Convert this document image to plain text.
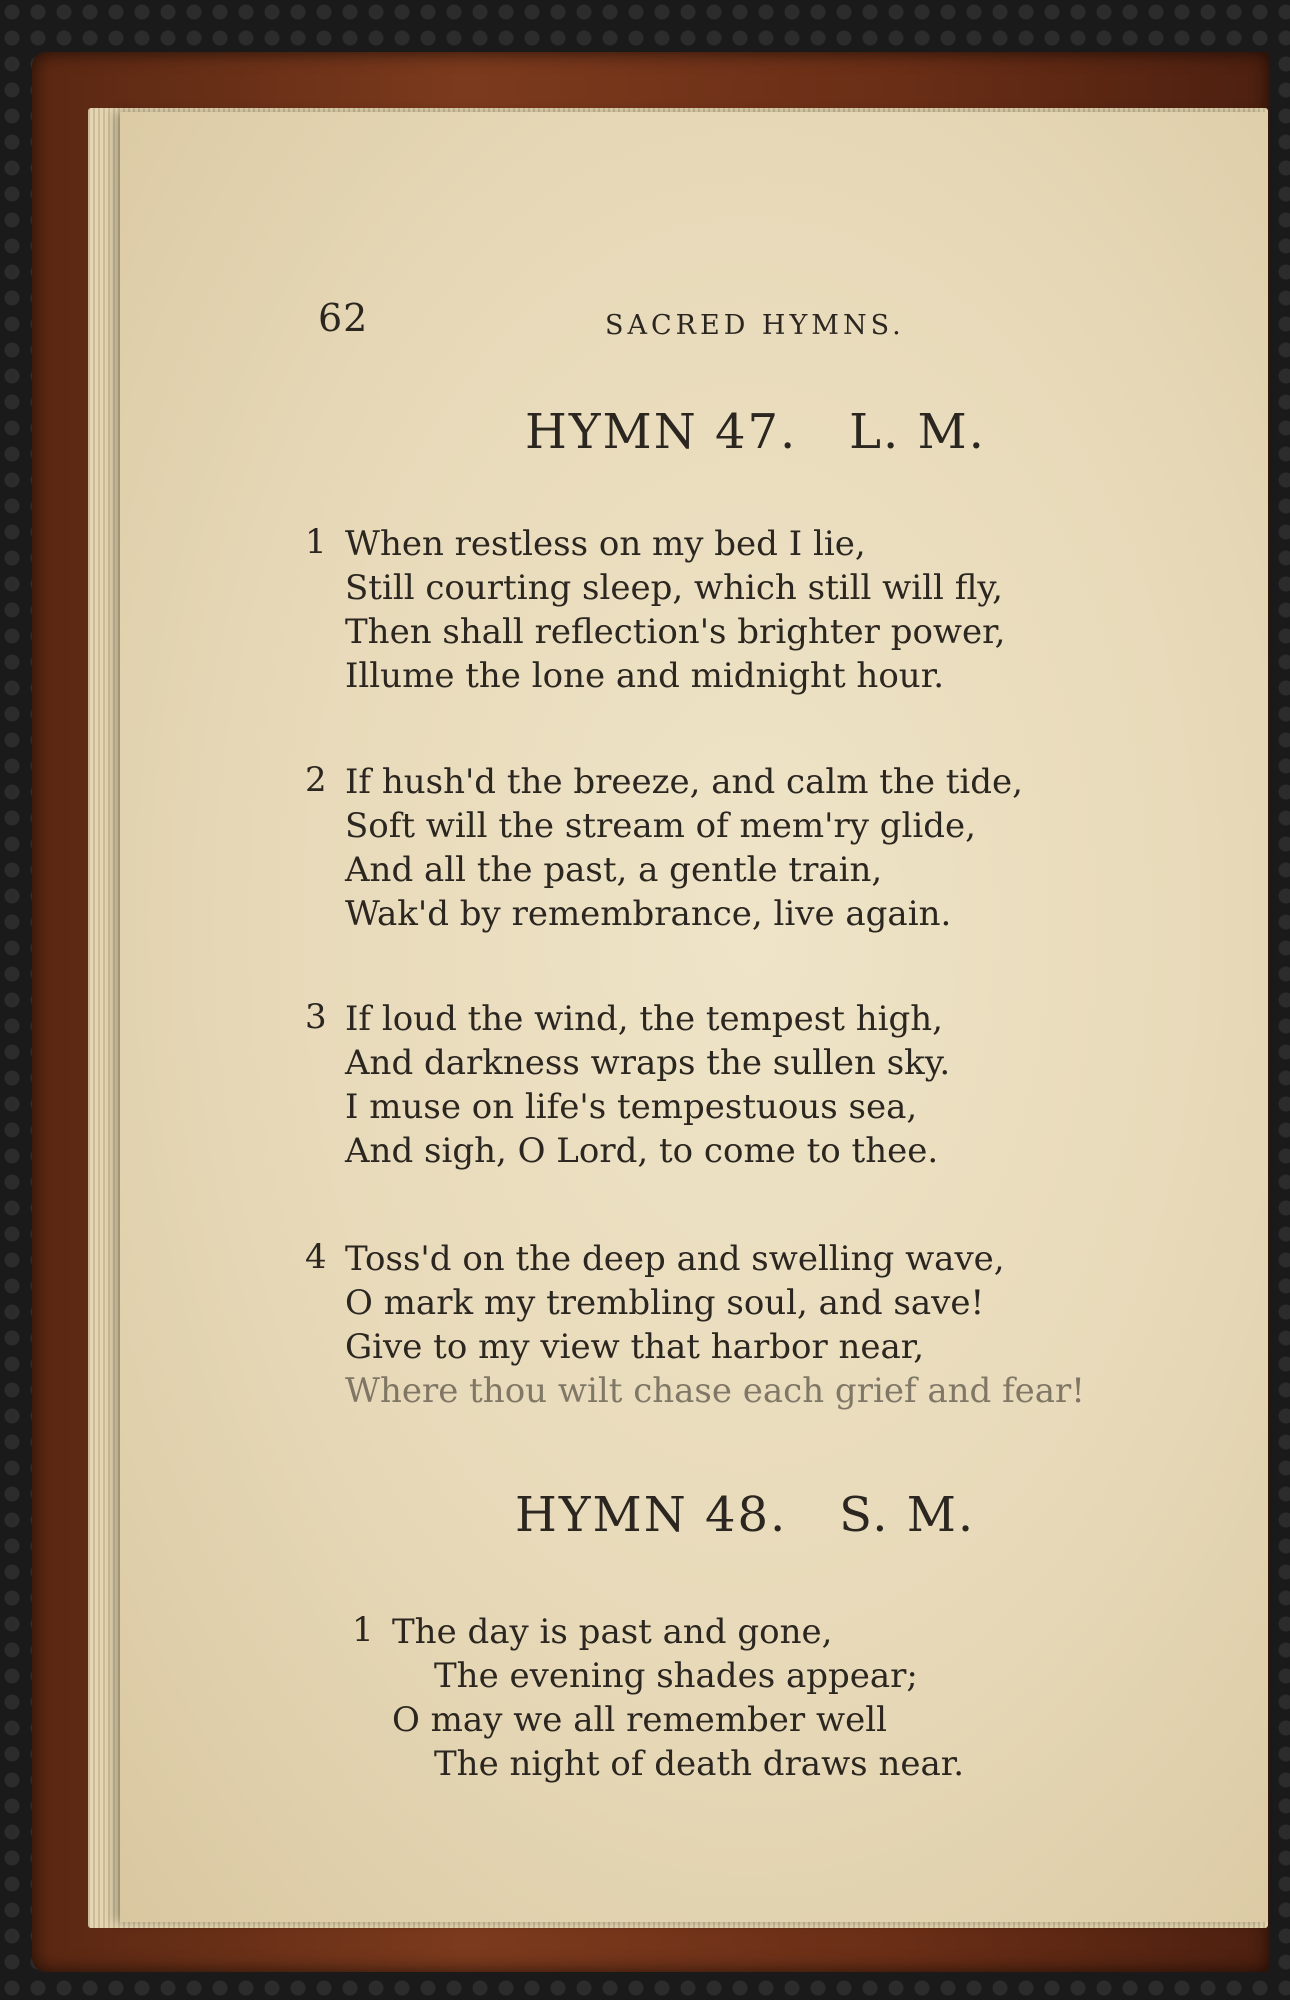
62	SACRED HYMNS.
HYMN 47.   L. M.
1 When restless on my bed I lie,
Still courting sleep, which still will fly,
Then shall reflection's brighter power,
Illume the lone and midnight hour.
2 If hush'd the breeze, and calm the tide,
Soft will the stream of mem'ry glide,
And all the past, a gentle train,
Wak'd by remembrance, live again.
3 If loud the wind, the tempest high,
And darkness wraps the sullen sky.
I muse on life's tempestuous sea,
And sigh, O Lord, to come to thee.
4 Toss'd on the deep and swelling wave,
O mark my trembling soul, and save!
Give to my view that harbor near,
Where thou wilt chase each grief and fear!
HYMN 48.   S. M.
1 The day is past and gone,
The evening shades appear;
O may we all remember well
The night of death draws near.
